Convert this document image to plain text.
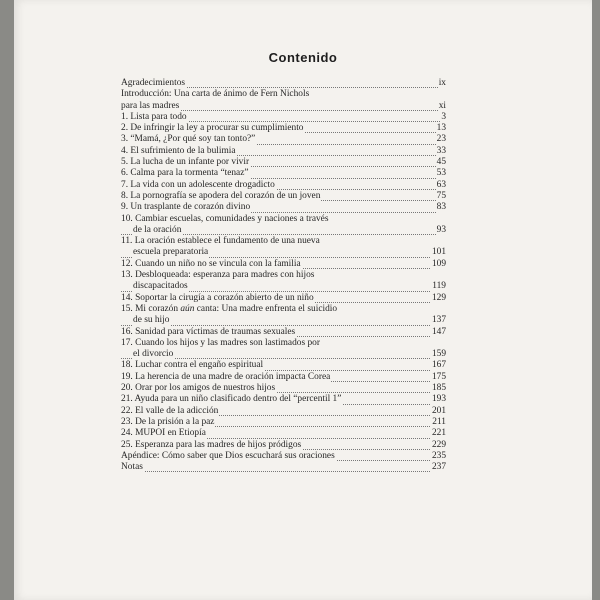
Contenido
Agradecimientos	ix
Introducción: Una carta de ánimo de Fern Nichols
para las madres	xi
1. Lista para todo	3
2. De infringir la ley a procurar su cumplimiento	13
3. “Mamá, ¿Por qué soy tan tonto?”	23
4. El sufrimiento de la bulimia	33
5. La lucha de un infante por vivir	45
6. Calma para la tormenta “tenaz”	53
7. La vida con un adolescente drogadicto	63
8. La pornografía se apodera del corazón de un joven	75
9. Un trasplante de corazón divino	83
10. Cambiar escuelas, comunidades y naciones a través
de la oración	93
11. La oración establece el fundamento de una nueva
escuela preparatoria	101
12. Cuando un niño no se vincula con la familia	109
13. Desbloqueada: esperanza para madres con hijos
discapacitados	119
14. Soportar la cirugía a corazón abierto de un niño	129
15. Mi corazón aún canta: Una madre enfrenta el suicidio
de su hijo	137
16. Sanidad para víctimas de traumas sexuales	147
17. Cuando los hijos y las madres son lastimados por
el divorcio	159
18. Luchar contra el engaño espiritual	167
19. La herencia de una madre de oración impacta Corea	175
20. Orar por los amigos de nuestros hijos	185
21. Ayuda para un niño clasificado dentro del “percentil 1”	193
22. El valle de la adicción	201
23. De la prisión a la paz	211
24. MUPOI en Etiopía	221
25. Esperanza para las madres de hijos pródigos	229
Apéndice: Cómo saber que Dios escuchará sus oraciones	235
Notas	237
